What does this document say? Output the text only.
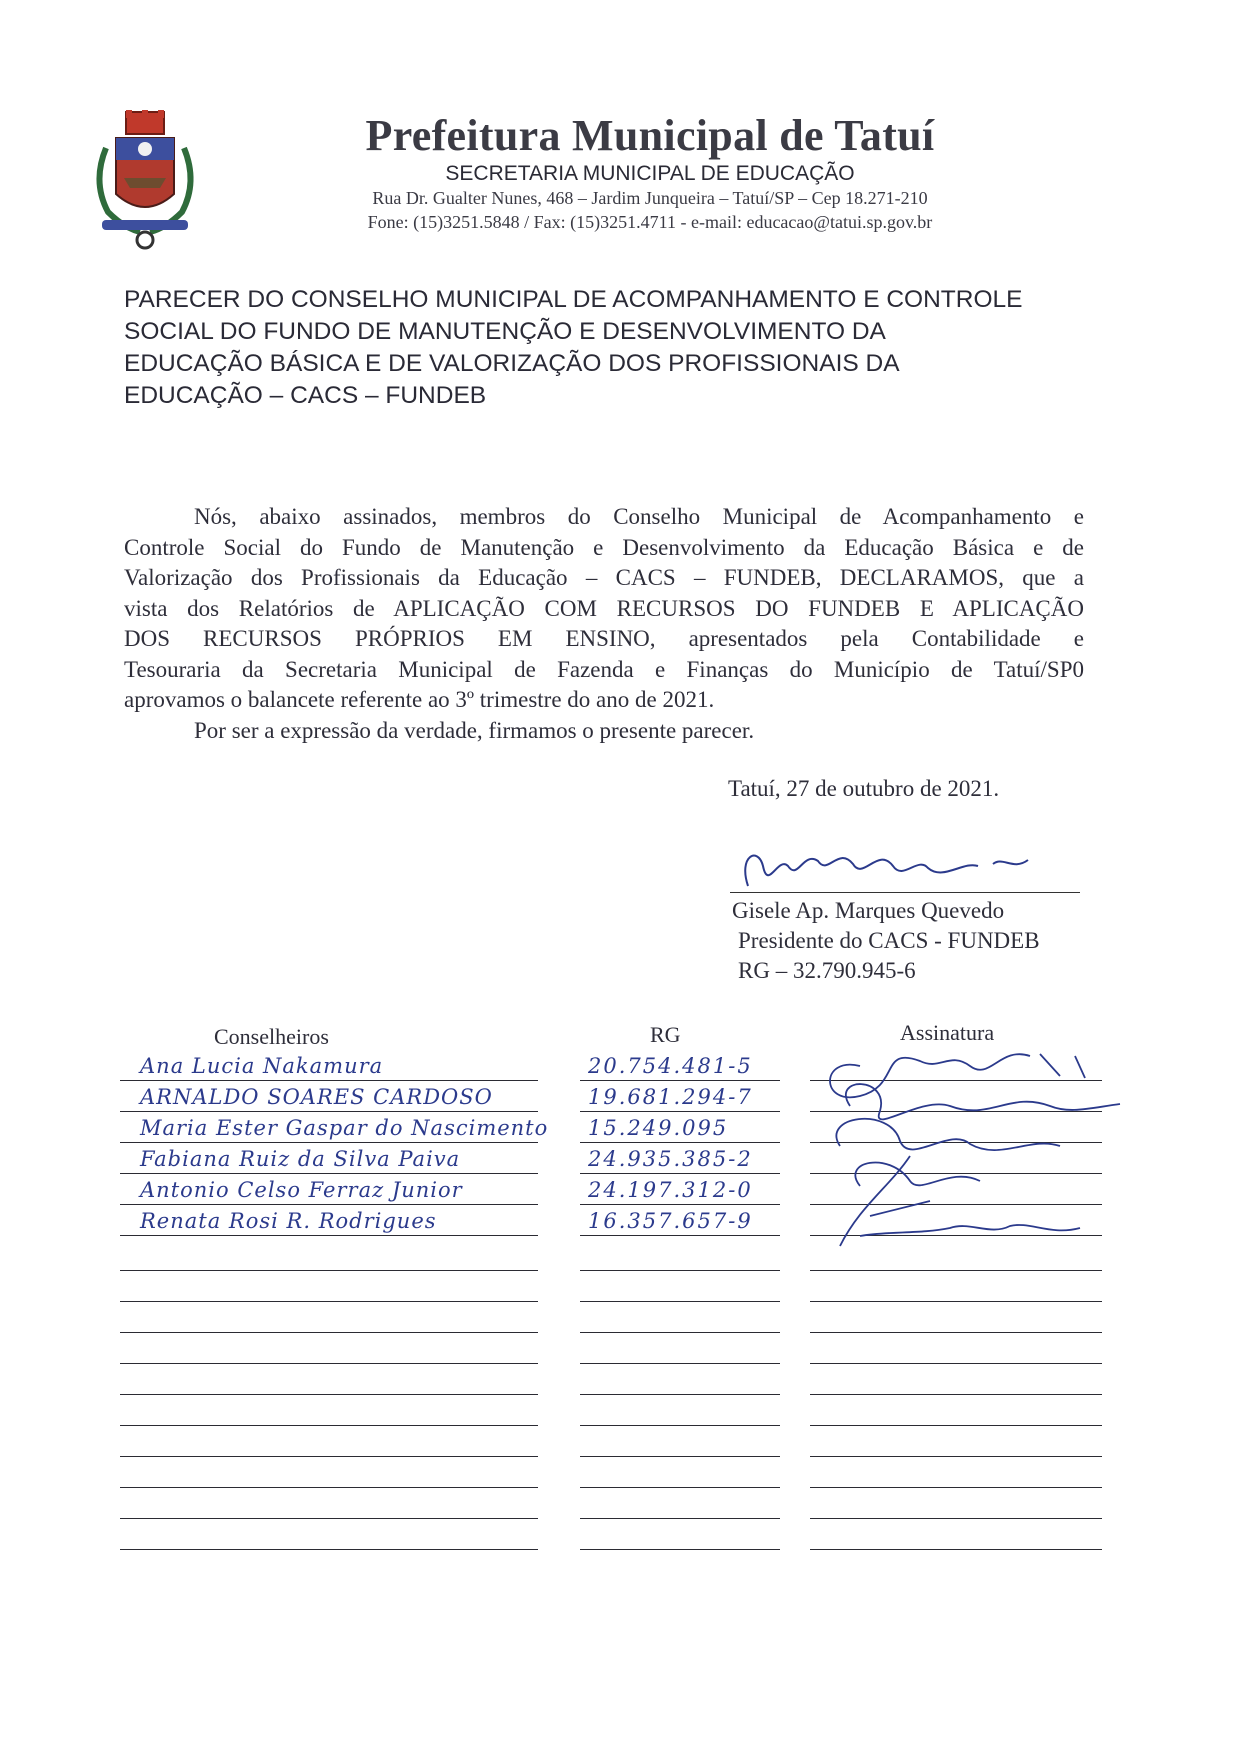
Prefeitura Municipal de Tatuí
SECRETARIA MUNICIPAL DE EDUCAÇÃO
Rua Dr. Gualter Nunes, 468 – Jardim Junqueira – Tatuí/SP – Cep 18.271-210
Fone: (15)3251.5848 / Fax: (15)3251.4711 - e-mail: educacao@tatui.sp.gov.br
PARECER DO CONSELHO MUNICIPAL DE ACOMPANHAMENTO E CONTROLE
SOCIAL DO FUNDO DE MANUTENÇÃO E DESENVOLVIMENTO DA
EDUCAÇÃO BÁSICA E DE VALORIZAÇÃO DOS PROFISSIONAIS DA
EDUCAÇÃO – CACS – FUNDEB
Nós, abaixo assinados, membros do Conselho Municipal de Acompanhamento e
Controle Social do Fundo de Manutenção e Desenvolvimento da Educação Básica e de
Valorização dos Profissionais da Educação – CACS – FUNDEB, DECLARAMOS, que a
vista dos Relatórios de APLICAÇÃO COM RECURSOS DO FUNDEB E APLICAÇÃO
DOS RECURSOS PRÓPRIOS EM ENSINO, apresentados pela Contabilidade e
Tesouraria da Secretaria Municipal de Fazenda e Finanças do Município de Tatuí/SP0
aprovamos o balancete referente ao 3º trimestre do ano de 2021.
Por ser a expressão da verdade, firmamos o presente parecer.
Tatuí, 27 de outubro de 2021.
Gisele Ap. Marques Quevedo
Presidente do CACS - FUNDEB
RG – 32.790.945-6
Conselheiros	RG	Assinatura
Ana Lucia Nakamura	20.754.481-5
ARNALDO SOARES CARDOSO	19.681.294-7
Maria Ester Gaspar do Nascimento 15.249.095
Fabiana Ruiz da Silva Paiva	24.935.385-2
Antonio Celso Ferraz Junior	24.197.312-0
Renata Rosi R. Rodrigues	16.357.657-9
